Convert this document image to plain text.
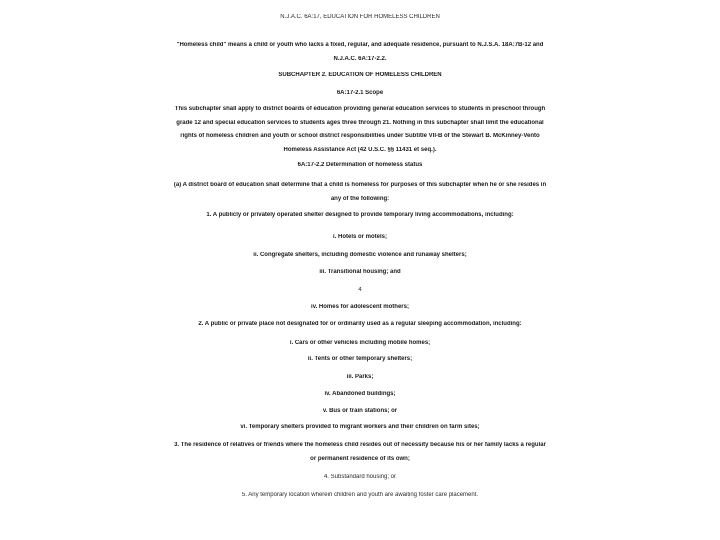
N.J.A.C. 6A:17, EDUCATION FOR HOMELESS CHILDREN
"Homeless child" means a child or youth who lacks a fixed, regular, and adequate residence, pursuant to N.J.S.A. 18A:7B-12 and
N.J.A.C. 6A:17-2.2.
SUBCHAPTER 2. EDUCATION OF HOMELESS CHILDREN
6A:17-2.1 Scope
This subchapter shall apply to district boards of education providing general education services to students in preschool through
grade 12 and special education services to students ages three through 21. Nothing in this subchapter shall limit the educational
rights of homeless children and youth or school district responsibilities under Subtitle VII-B of the Stewart B. McKinney-Vento
Homeless Assistance Act (42 U.S.C. §§ 11431 et seq.).
6A:17-2.2 Determination of homeless status
(a) A district board of education shall determine that a child is homeless for purposes of this subchapter when he or she resides in
any of the following:
1. A publicly or privately operated shelter designed to provide temporary living accommodations, including:
i. Hotels or motels;
ii. Congregate shelters, including domestic violence and runaway shelters;
iii. Transitional housing; and
4
iv. Homes for adolescent mothers;
2. A public or private place not designated for or ordinarily used as a regular sleeping accommodation, including:
i. Cars or other vehicles including mobile homes;
ii. Tents or other temporary shelters;
iii. Parks;
iv. Abandoned buildings;
v. Bus or train stations; or
vi. Temporary shelters provided to migrant workers and their children on farm sites;
3. The residence of relatives or friends where the homeless child resides out of necessity because his or her family lacks a regular
or permanent residence of its own;
4. Substandard housing; or
5. Any temporary location wherein children and youth are awaiting foster care placement.
